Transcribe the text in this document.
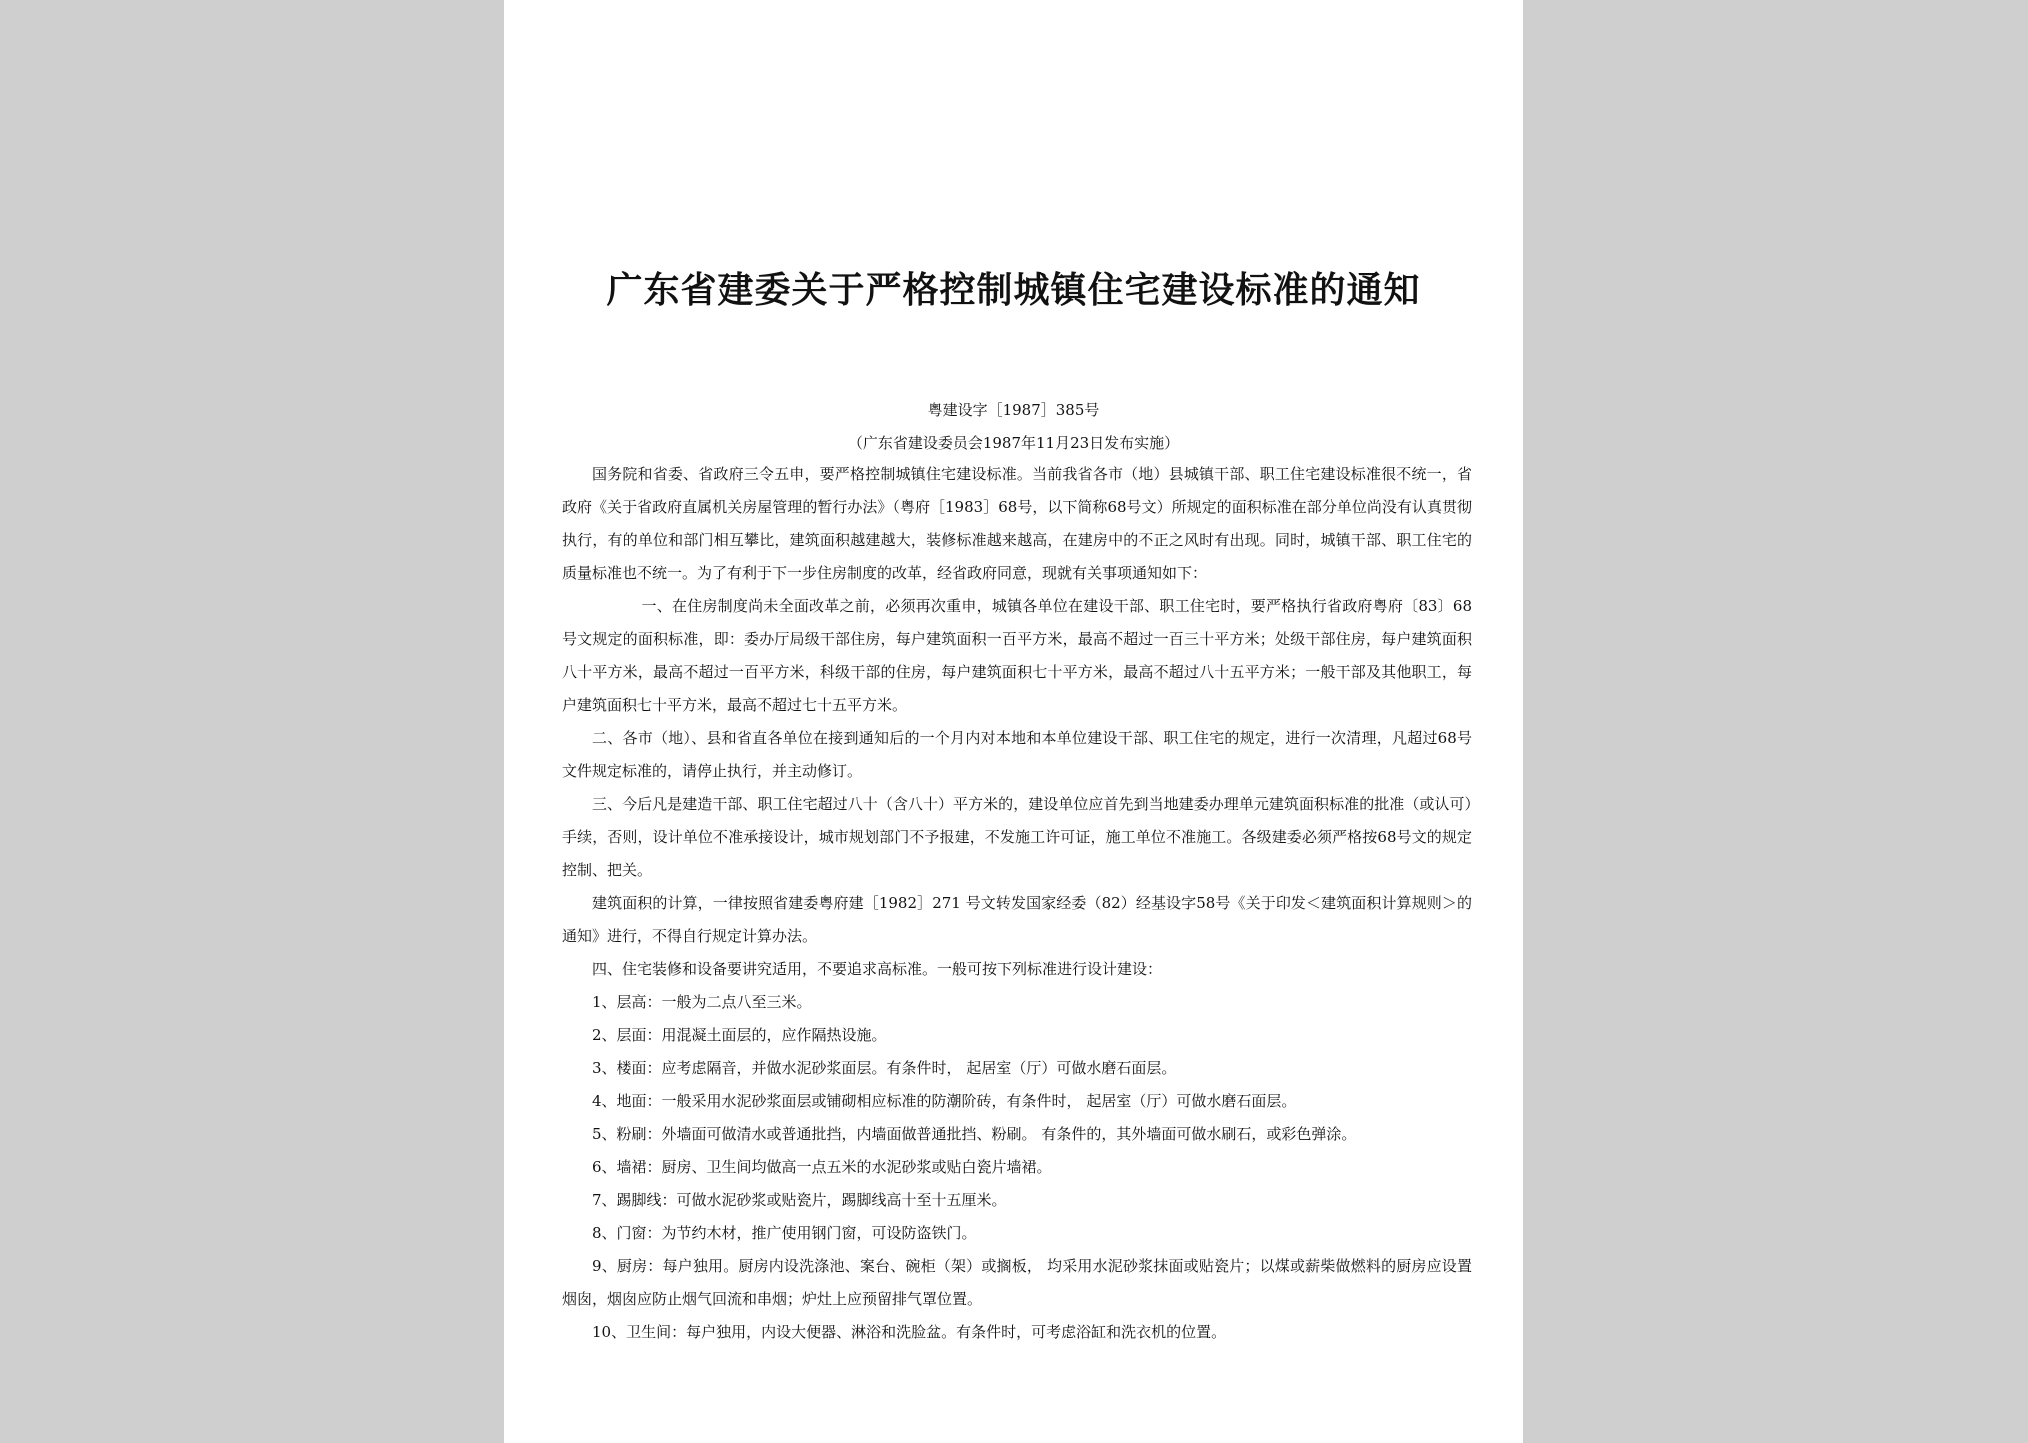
广东省建委关于严格控制城镇住宅建设标准的通知
粤建设字［1987］385号
（广东省建设委员会1987年11月23日发布实施）

国务院和省委、省政府三令五申，要严格控制城镇住宅建设标准。当前我省各市（地）县城镇干部、职工住宅建设标准很不统一，省政府《关于省政府直属机关房屋管理的暂行办法》（粤府［1983］68号，以下简称68号文）所规定的面积标准在部分单位尚没有认真贯彻执行，有的单位和部门相互攀比，建筑面积越建越大，装修标准越来越高，在建房中的不正之风时有出现。同时，城镇干部、职工住宅的质量标准也不统一。为了有利于下一步住房制度的改革，经省政府同意，现就有关事项通知如下：

一、在住房制度尚未全面改革之前，必须再次重申，城镇各单位在建设干部、职工住宅时，要严格执行省政府粤府〔83〕68号文规定的面积标准，即：委办厅局级干部住房，每户建筑面积一百平方米，最高不超过一百三十平方米；处级干部住房，每户建筑面积八十平方米，最高不超过一百平方米，科级干部的住房，每户建筑面积七十平方米，最高不超过八十五平方米；一般干部及其他职工，每户建筑面积七十平方米，最高不超过七十五平方米。

二、各市（地）、县和省直各单位在接到通知后的一个月内对本地和本单位建设干部、职工住宅的规定，进行一次清理，凡超过68号文件规定标准的，请停止执行，并主动修订。

三、今后凡是建造干部、职工住宅超过八十（含八十）平方米的，建设单位应首先到当地建委办理单元建筑面积标准的批准（或认可）手续，否则，设计单位不准承接设计，城市规划部门不予报建，不发施工许可证，施工单位不准施工。各级建委必须严格按68号文的规定控制、把关。

建筑面积的计算，一律按照省建委粤府建［1982］271 号文转发国家经委（82）经基设字58号《关于印发＜建筑面积计算规则＞的通知》进行，不得自行规定计算办法。

四、住宅装修和设备要讲究适用，不要追求高标准。一般可按下列标准进行设计建设：

1、层高：一般为二点八至三米。

2、层面：用混凝土面层的，应作隔热设施。

3、楼面：应考虑隔音，并做水泥砂浆面层。有条件时， 起居室（厅）可做水磨石面层。

4、地面：一般采用水泥砂浆面层或铺砌相应标准的防潮阶砖，有条件时， 起居室（厅）可做水磨石面层。

5、粉刷：外墙面可做清水或普通批挡，内墙面做普通批挡、粉刷。 有条件的，其外墙面可做水刷石，或彩色弹涂。

6、墙裙：厨房、卫生间均做高一点五米的水泥砂浆或贴白瓷片墙裙。

7、踢脚线：可做水泥砂浆或贴瓷片，踢脚线高十至十五厘米。

8、门窗：为节约木材，推广使用钢门窗，可设防盗铁门。

9、厨房：每户独用。厨房内设洗涤池、案台、碗柜（架）或搁板， 均采用水泥砂浆抹面或贴瓷片；以煤或薪柴做燃料的厨房应设置烟囱，烟囱应防止烟气回流和串烟；炉灶上应预留排气罩位置。

10、卫生间：每户独用，内设大便器、淋浴和洗脸盆。有条件时，可考虑浴缸和洗衣机的位置。
